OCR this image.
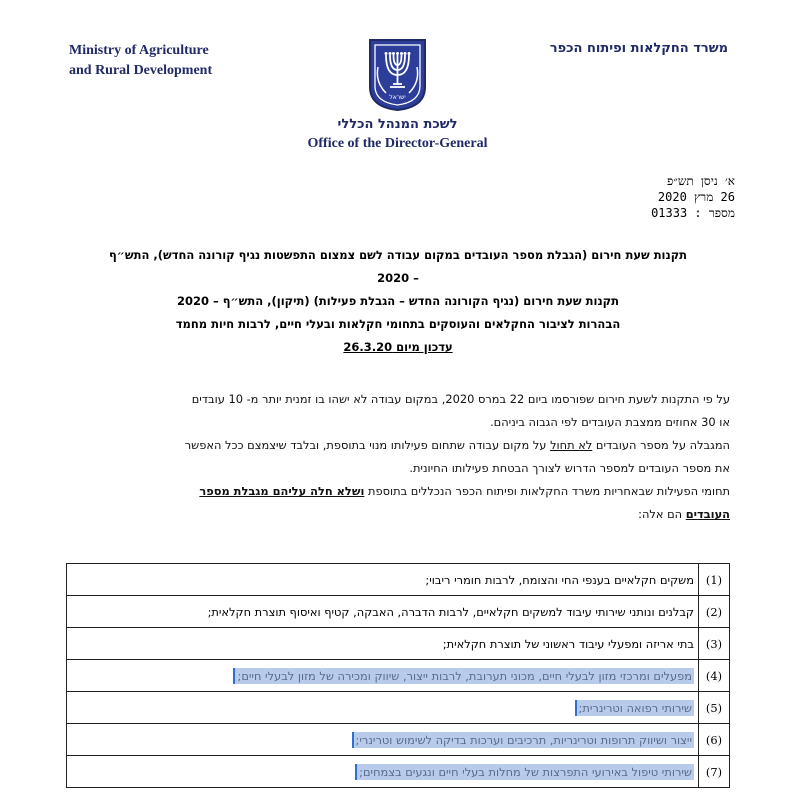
Ministry of Agriculture
and Rural Development
משרד החקלאות ופיתוח הכפר
ישראל
לשכת המנהל הכללי
Office of the Director-General
א׳ ניסן תש״פ
26 מרץ 2020
מספר : 01333
תקנות שעת חירום (הגבלת מספר העובדים במקום עבודה לשם צמצום התפשטות נגיף קורונה החדש), התש״ף
– 2020
תקנות שעת חירום (נגיף הקורונה החדש – הגבלת פעילות) (תיקון), התש״ף – 2020
הבהרות לציבור החקלאים והעוסקים בתחומי חקלאות ובעלי חיים, לרבות חיות מחמד
עדכון מיום 26.3.20
על פי התקנות לשעת חירום שפורסמו ביום 22 במרס 2020, במקום עבודה לא ישהו בו זמנית יותר מ- 10 עובדים
או 30 אחוזים ממצבת העובדים לפי הגבוה ביניהם.
המגבלה על מספר העובדים לא תחול על מקום עבודה שתחום פעילותו מנוי בתוספת, ובלבד שיצמצם ככל האפשר
את מספר העובדים למספר הדרוש לצורך הבטחת פעילותו החיונית.
תחומי הפעילות שבאחריות משרד החקלאות ופיתוח הכפר הנכללים בתוספת ושלא חלה עליהם מגבלת מספר
העובדים הם אלה:
(1)	משקים חקלאיים בענפי החי והצומח, לרבות חומרי ריבוי;
(2)	קבלנים ונותני שירותי עיבוד למשקים חקלאיים, לרבות הדברה, האבקה, קטיף ואיסוף תוצרת חקלאית;
(3)	בתי אריזה ומפעלי עיבוד ראשוני של תוצרת חקלאית;
(4)	מפעלים ומרכזי מזון לבעלי חיים, מכוני תערובת, לרבות ייצור, שיווק ומכירה של מזון לבעלי חיים;
(5)	שירותי רפואה וטרינרית;
(6)	ייצור ושיווק תרופות וטרינריות, תרכיבים וערכות בדיקה לשימוש וטרינרי;
(7)	שירותי טיפול באירועי התפרצות של מחלות בעלי חיים ונגעים בצמחים;
